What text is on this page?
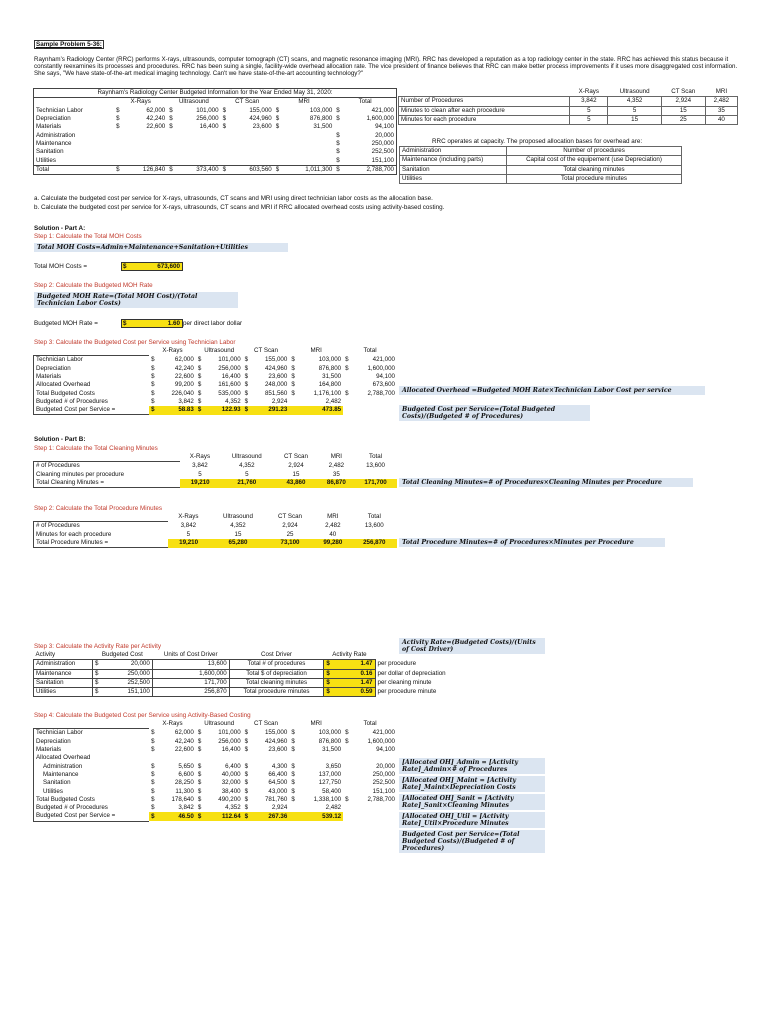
Sample Problem 5-36:
Raynham’s Radiology Center (RRC) performs X-rays, ultrasounds, computer tomograph (CT) scans, and magnetic resonance imaging (MRI). RRC has developed a reputation as a top radiology center in the state. RRC has achieved this status because it constantly reexamines its processes and procedures. RRC has been suing a single, facility-wide overhead allocation rate. The vice president of finance believes that RRC can make better process improvements if it uses more disaggregated cost information. She says, "We have state-of-the-art medical imaging technology. Can't we have state-of-the-art accounting technology?"
Raynham's Radiology Center Budgeted Information for the Year Ended May 31, 2020:										
	X-Rays		Ultrasound		CT Scan		MRI		Total	
Technician Labor	$	62,000	$	101,000	$	155,000	$	103,000	$	421,000
Depreciation	$	42,240	$	256,000	$	424,960	$	876,800	$	1,600,000
Materials	$	22,600	$	16,400	$	23,600	$	31,500		94,100
Administration									$	20,000
Maintenance									$	250,000
Sanitation									$	252,500
Utilities									$	151,100
Total	$	126,840	$	373,400	$	603,560	$	1,011,300	$	2,788,700
	X-Rays	Ultrasound	CT Scan	MRI
Number of Procedures	3,842	4,352	2,924	2,482
Minutes to clean after each procedure	5	5	15	35
Minutes for each procedure	5	15	25	40
RRC operates at capacity. The proposed allocation bases for overhead are:
Administration	Number of procedures
Maintenance (including parts)	Capital cost of the equipement (use Depreciation)
Sanitation	Total cleaning minutes
Utilities	Total procedure minutes
a. Calculate the budgeted cost per service for X-rays, ultrasounds, CT scans and MRI using direct technician labor costs as the allocation base.
b. Calculate the budgeted cost per service for X-rays, ultrasounds, CT scans and MRI if RRC allocated overhead costs using activity-based costing.
Solution - Part A:
Step 1: Calculate the Total MOH Costs
Total MOH Costs=Admin+Maintenance+Sanitation+Utilities
Total MOH Costs =	$	673,600
Step 2: Calculate the Budgeted MOH Rate
Budgeted MOH Rate=(Total MOH Cost)/(Total Technician Labor Costs)
Budgeted MOH Rate =	$	1.60 per direct labor dollar
Step 3: Calculate the Budgeted Cost per Service using Technician Labor
	X-Rays		Ultrasound		CT Scan		MRI		Total	
Technician Labor	$	62,000	$	101,000	$	155,000	$	103,000	$	421,000
Depreciation	$	42,240	$	256,000	$	424,960	$	876,800	$	1,600,000
Materials	$	22,600	$	16,400	$	23,600	$	31,500		94,100
Allocated Overhead	$	99,200	$	161,600	$	248,000	$	164,800		673,600
Total Budgeted Costs	$	226,040	$	535,000	$	851,560	$	1,176,100	$	2,788,700
Budgeted # of Procedures	$	3,842	$	4,352	$	2,924		2,482		
Budgeted Cost per Service =	$	58.83	$	122.93	$	291.23		473.85		
Allocated Overhead =Budgeted MOH Rate×Technician Labor Cost per service
Budgeted Cost per Service=(Total Budgeted Costs)/(Budgeted # of Procedures)
Solution - Part B:
Step 1: Calculate the Total Cleaning Minutes
	X-Rays	Ultrasound	CT Scan	MRI	Total
# of Procedures	3,842	4,352	2,924	2,482	13,600
Cleaning minutes per procedure	5	5	15	35	
Total Cleaning Minutes =	19,210	21,760	43,860	86,870	171,700	Total Cleaning Minutes=# of Procedures×Cleaning Minutes per Procedure
Step 2: Calculate the Total Procedure Minutes
	X-Rays	Ultrasound	CT Scan	MRI	Total
# of Procedures	3,842	4,352	2,924	2,482	13,600
Minutes for each procedure	5	15	25	40	
Total Procedure Minutes =	19,210	65,280	73,100	99,280	256,870	Total Procedure Minutes=# of Procedures×Minutes per Procedure
Step 3: Calculate the Activity Rate per Activity
Activity Rate=(Budgeted Costs)/(Units of Cost Driver)
Activity	Budgeted Cost		Units of Cost Driver	Cost Driver	Activity Rate		
Administration	$	20,000	13,600	Total # of procedures	$	1.47	per procedure
Maintenance	$	250,000	1,600,000	Total $ of depreciation	$	0.16	per dollar of depreciation
Sanitation	$	252,500	171,700	Total cleaning minutes	$	1.47	per cleaning minute
Utilities	$	151,100	256,870	Total procedure minutes	$	0.59	per procedure minute
Step 4: Calculate the Budgeted Cost per Service using Activity-Based Costing
	X-Rays		Ultrasound		CT Scan		MRI		Total	
Technician Labor	$	62,000	$	101,000	$	155,000	$	103,000	$	421,000
Depreciation	$	42,240	$	256,000	$	424,960	$	876,800	$	1,600,000
Materials	$	22,600	$	16,400	$	23,600	$	31,500		94,100
Allocated Overhead										
Administration	$	5,650	$	6,400	$	4,300	$	3,650		20,000
Maintenance	$	6,600	$	40,000	$	66,400	$	137,000		250,000
Sanitation	$	28,250	$	32,000	$	64,500	$	127,750		252,500
Utilities	$	11,300	$	38,400	$	43,000	$	58,400		151,100
Total Budgeted Costs	$	178,640	$	490,200	$	781,760	$	1,338,100	$	2,788,700
Budgeted # of Procedures	$	3,842	$	4,352	$	2,924		2,482		
Budgeted Cost per Service =	$	46.50	$	112.64	$	267.36		539.12		
[Allocated OH]_Admin = [Activity Rate]_Admin×# of Procedures
[Allocated OH]_Maint = [Activity Rate]_Maint×Depreciation Costs
[Allocated OH]_Sanit = [Activity Rate]_Sanit×Cleaning Minutes
[Allocated OH]_Util = [Activity Rate]_Util×Procedure Minutes
Budgeted Cost per Service=(Total Budgeted Costs)/(Budgeted # of Procedures)
